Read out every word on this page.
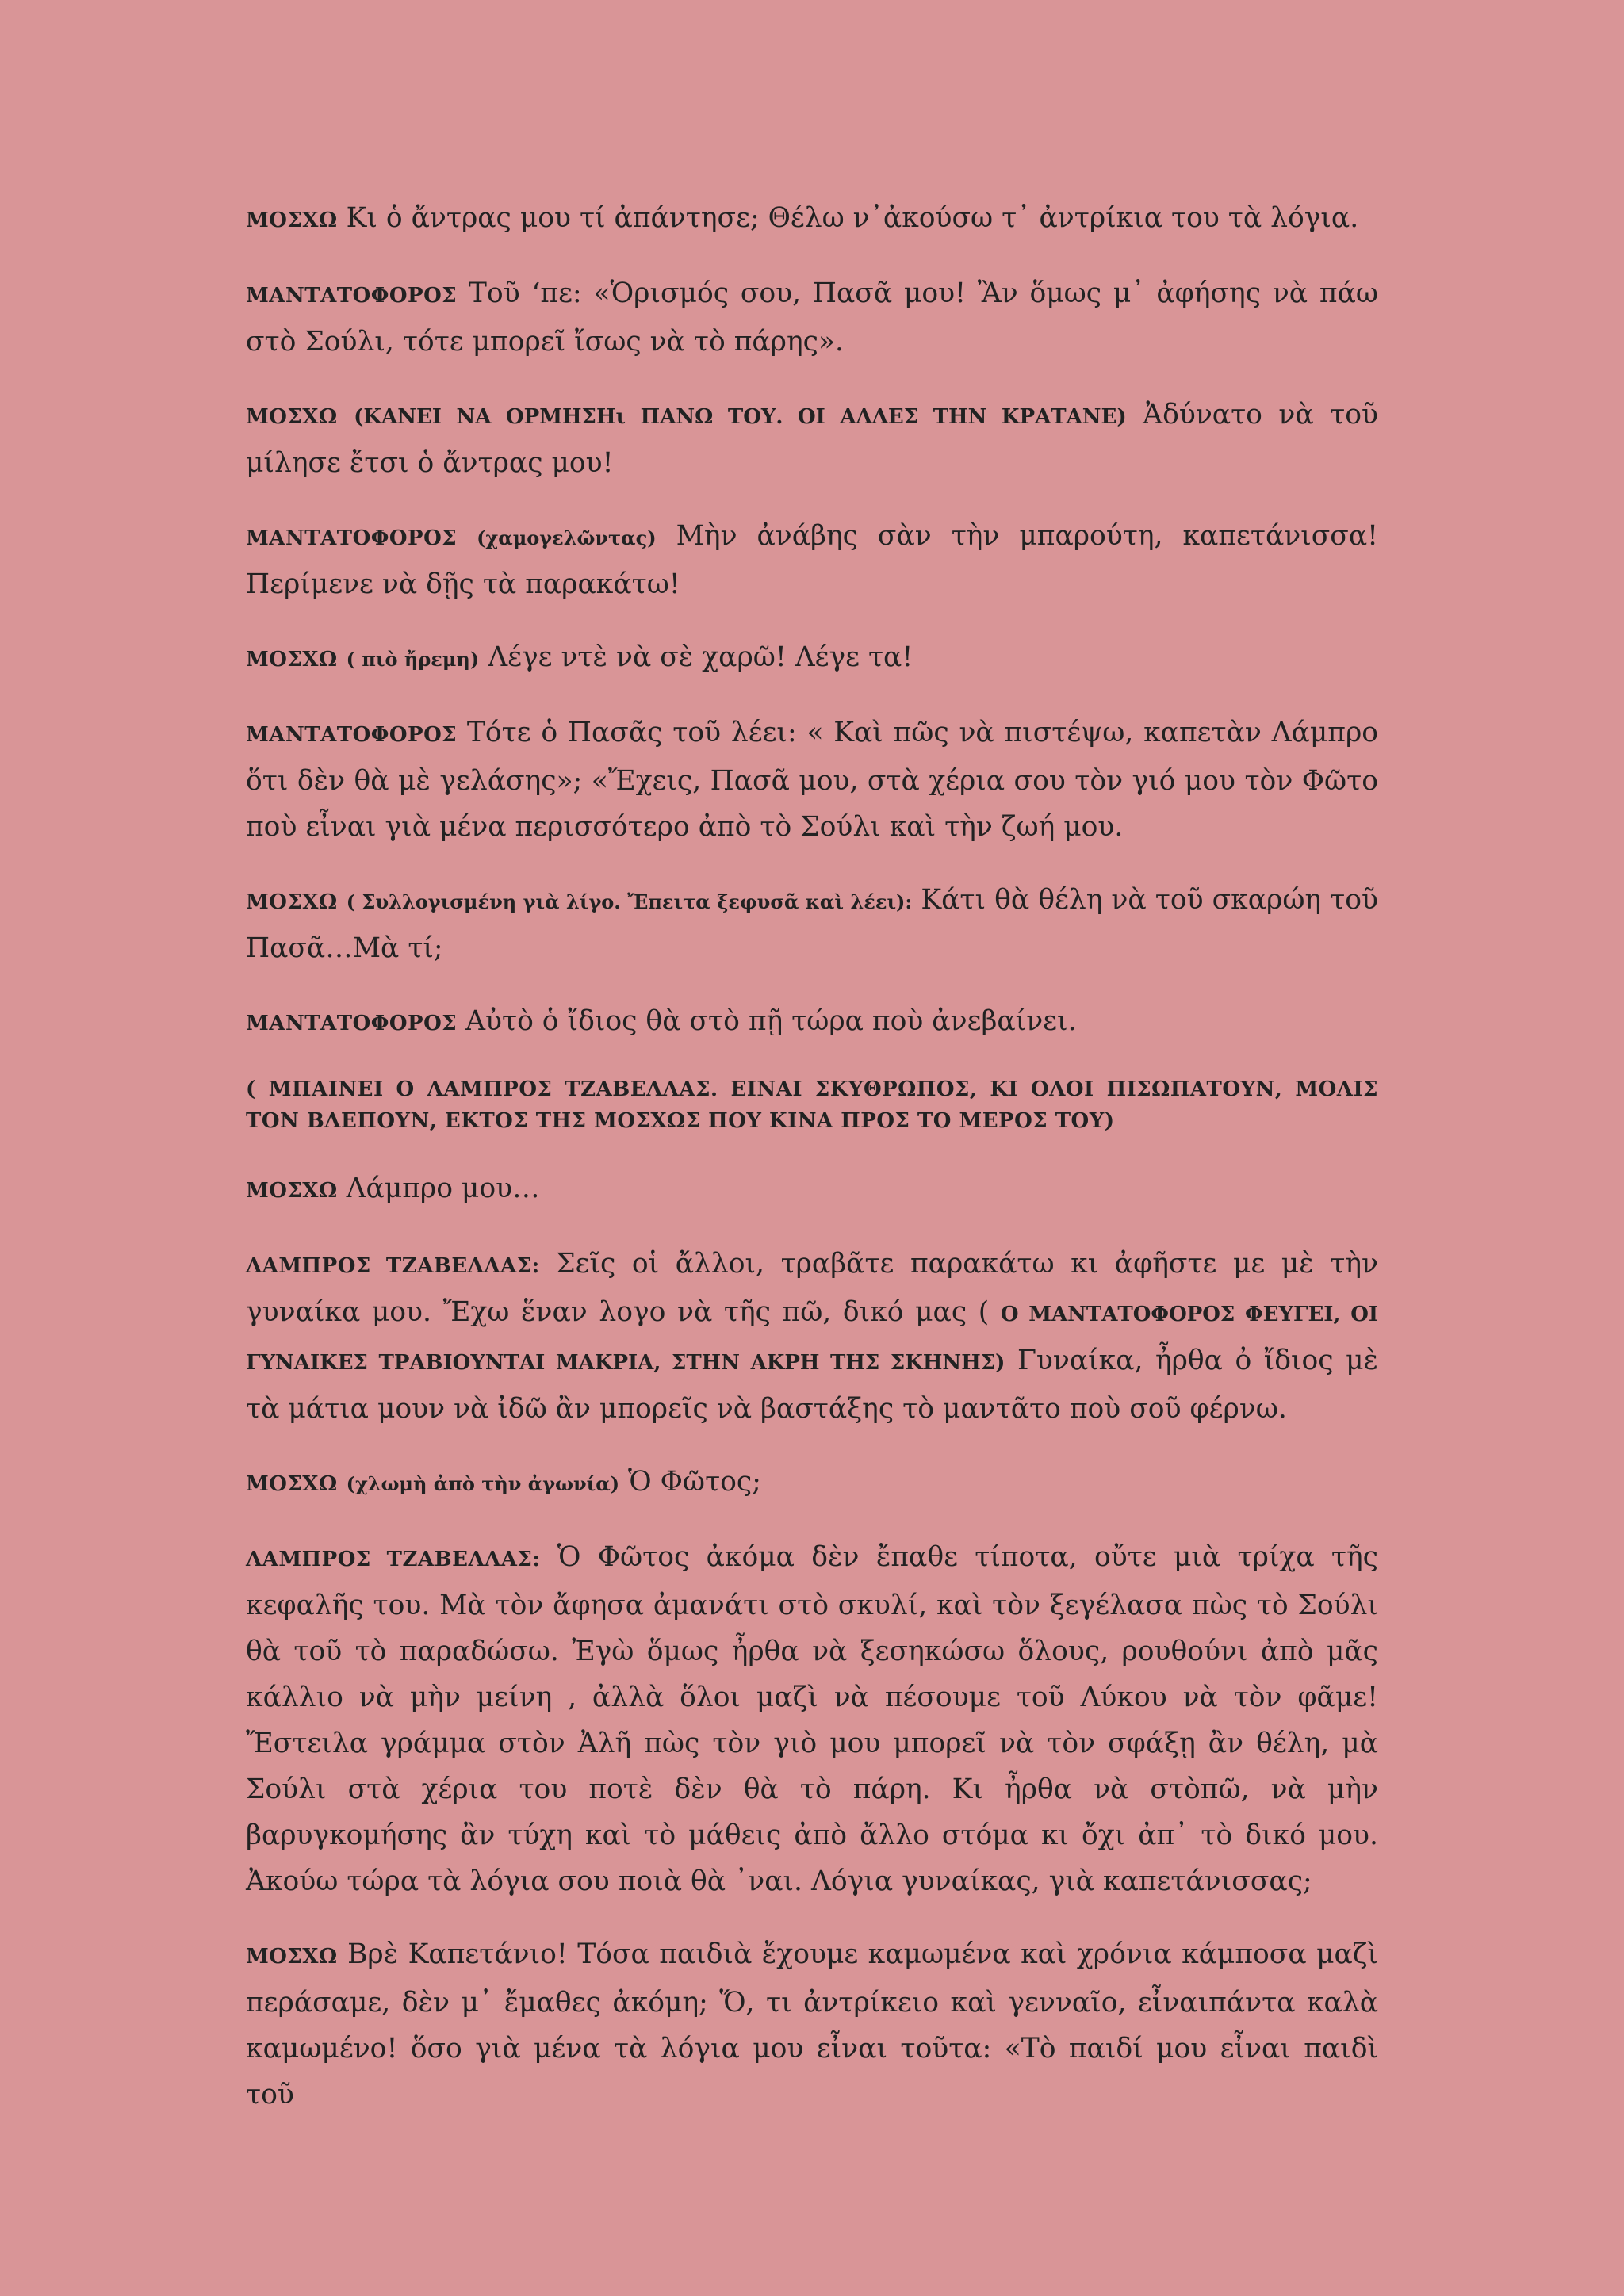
ΜΟΣΧΩ Κι ὁ ἄντρας μου τί ἀπάντησε; Θέλω ν᾿ἀκούσω τ᾿ ἀντρίκια του τὰ λόγια.

ΜΑΝΤΑΤΟΦΟΡΟΣ Τοῦ ‘πε: «Ὁρισμός σου, Πασᾶ μου! Ἂν ὅμως μ᾿ ἀφήσης νὰ πάω στὸ Σούλι, τότε μπορεῖ ἴσως νὰ τὸ πάρης».

ΜΟΣΧΩ (ΚΑΝΕΙ ΝΑ ΟΡΜΗΣΗι ΠΑΝΩ ΤΟΥ. ΟΙ ΑΛΛΕΣ ΤΗΝ ΚΡΑΤΑΝΕ) Ἀδύνατο νὰ τοῦ μίλησε ἔτσι ὁ ἄντρας μου!

ΜΑΝΤΑΤΟΦΟΡΟΣ (χαμογελῶντας) Μὴν ἀνάβης σὰν τὴν μπαρούτη, καπετάνισσα! Περίμενε νὰ δῇς τὰ παρακάτω!

ΜΟΣΧΩ ( πιὸ ἤρεμη) Λέγε ντὲ νὰ σὲ χαρῶ! Λέγε τα!

ΜΑΝΤΑΤΟΦΟΡΟΣ Τότε ὁ Πασᾶς τοῦ λέει: « Καὶ πῶς νὰ πιστέψω, καπετὰν Λάμπρο ὅτι δὲν θὰ μὲ γελάσης»; «Ἔχεις, Πασᾶ μου, στὰ χέρια σου τὸν γιό μου τὸν Φῶτο ποὺ εἶναι γιὰ μένα περισσότερο ἀπὸ τὸ Σούλι καὶ τὴν ζωή μου.

ΜΟΣΧΩ ( Συλλογισμένη γιὰ λίγο. Ἔπειτα ξεφυσᾶ καὶ λέει): Κάτι θὰ θέλη νὰ τοῦ σκαρώη τοῦ Πασᾶ…Μὰ τί;

ΜΑΝΤΑΤΟΦΟΡΟΣ Αὐτὸ ὁ ἴδιος θὰ στὸ πῇ τώρα ποὺ ἀνεβαίνει.

( ΜΠΑΙΝΕΙ Ο ΛΑΜΠΡΟΣ ΤΖΑΒΕΛΛΑΣ. ΕΙΝΑΙ ΣΚΥΘΡΩΠΟΣ, ΚΙ ΟΛΟΙ ΠΙΣΩΠΑΤΟΥΝ, ΜΟΛΙΣ ΤΟΝ ΒΛΕΠΟΥΝ, ΕΚΤΟΣ ΤΗΣ ΜΟΣΧΩΣ ΠΟΥ ΚΙΝΑ ΠΡΟΣ ΤΟ ΜΕΡΟΣ ΤΟΥ)

ΜΟΣΧΩ Λάμπρο μου…

ΛΑΜΠΡΟΣ ΤΖΑΒΕΛΛΑΣ: Σεῖς οἱ ἄλλοι, τραβᾶτε παρακάτω κι ἀφῆστε με μὲ τὴν γυναίκα μου. Ἔχω ἕναν λογο νὰ τῆς πῶ, δικό μας ( Ο ΜΑΝΤΑΤΟΦΟΡΟΣ ΦΕΥΓΕΙ, ΟΙ ΓΥΝΑΙΚΕΣ ΤΡΑΒΙΟΥΝΤΑΙ ΜΑΚΡΙΑ, ΣΤΗΝ ΑΚΡΗ ΤΗΣ ΣΚΗΝΗΣ) Γυναίκα, ἦρθα ὀ ἴδιος μὲ τὰ μάτια μουν νὰ ἰδῶ ἂν μπορεῖς νὰ βαστάξης τὸ μαντᾶτο ποὺ σοῦ φέρνω.

ΜΟΣΧΩ (χλωμὴ ἀπὸ τὴν ἀγωνία) Ὁ Φῶτος;

ΛΑΜΠΡΟΣ ΤΖΑΒΕΛΛΑΣ: Ὁ Φῶτος ἀκόμα δὲν ἔπαθε τίποτα, οὔτε μιὰ τρίχα τῆς κεφαλῆς του. Μὰ τὸν ἄφησα ἀμανάτι στὸ σκυλί, καὶ τὸν ξεγέλασα πὼς τὸ Σούλι θὰ τοῦ τὸ παραδώσω. Ἐγὼ ὅμως ἦρθα νὰ ξεσηκώσω ὅλους, ρουθούνι ἀπὸ μᾶς κάλλιο νὰ μὴν μείνη , ἀλλὰ ὅλοι μαζὶ νὰ πέσουμε τοῦ Λύκου νὰ τὸν φᾶμε! Ἔστειλα γράμμα στὸν Ἀλῆ πὼς τὸν γιὸ μου μπορεῖ νὰ τὸν σφάξῃ ἂν θέλη, μὰ Σούλι στὰ χέρια του ποτὲ δὲν θὰ τὸ πάρη. Κι ἦρθα νὰ στὸπῶ, νὰ μὴν βαρυγκομήσης ἂν τύχη καὶ τὸ μάθεις ἀπὸ ἄλλο στόμα κι ὄχι ἀπ᾿ τὸ δικό μου. Ἀκούω τώρα τὰ λόγια σου ποιὰ θὰ ᾽ναι. Λόγια γυναίκας, γιὰ καπετάνισσας;

ΜΟΣΧΩ Βρὲ Καπετάνιο! Τόσα παιδιὰ ἔχουμε καμωμένα καὶ χρόνια κάμποσα μαζὶ περάσαμε, δὲν μ᾿ ἔμαθες ἀκόμη; Ὅ, τι ἀντρίκειο καὶ γενναῖο, εἶναιπάντα καλὰ καμωμένο! ὅσο γιὰ μένα τὰ λόγια μου εἶναι τοῦτα: «Τὸ παιδί μου εἶναι παιδὶ τοῦ
